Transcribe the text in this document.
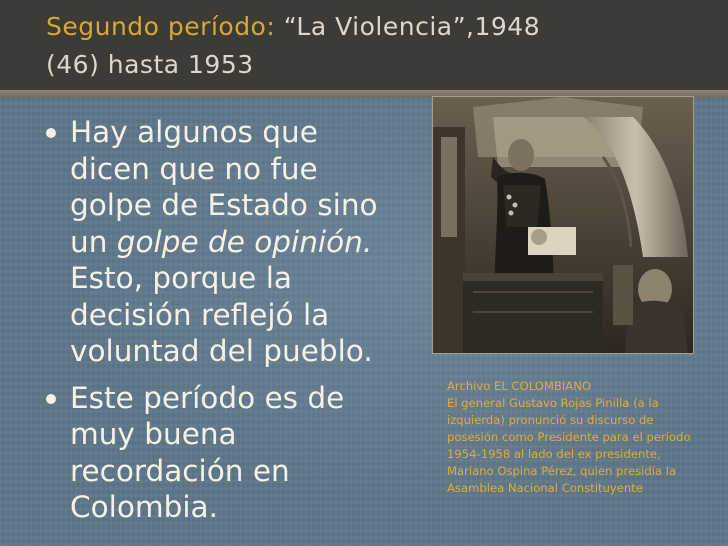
Segundo período: “La Violencia”,1948
(46) hasta 1953
Hay algunos que dicen que no fue golpe de Estado sino un golpe de opinión. Esto, porque la decisión reflejó la voluntad del pueblo.
Este período es de muy buena recordación en Colombia.
Archivo EL COLOMBIANO
El general Gustavo Rojas Pinilla (a la izquierda) pronunció su discurso de posesión como Presidente para el período 1954-1958 al lado del ex presidente, Mariano Ospina Pérez, quien presidía la Asamblea Nacional Constituyente
